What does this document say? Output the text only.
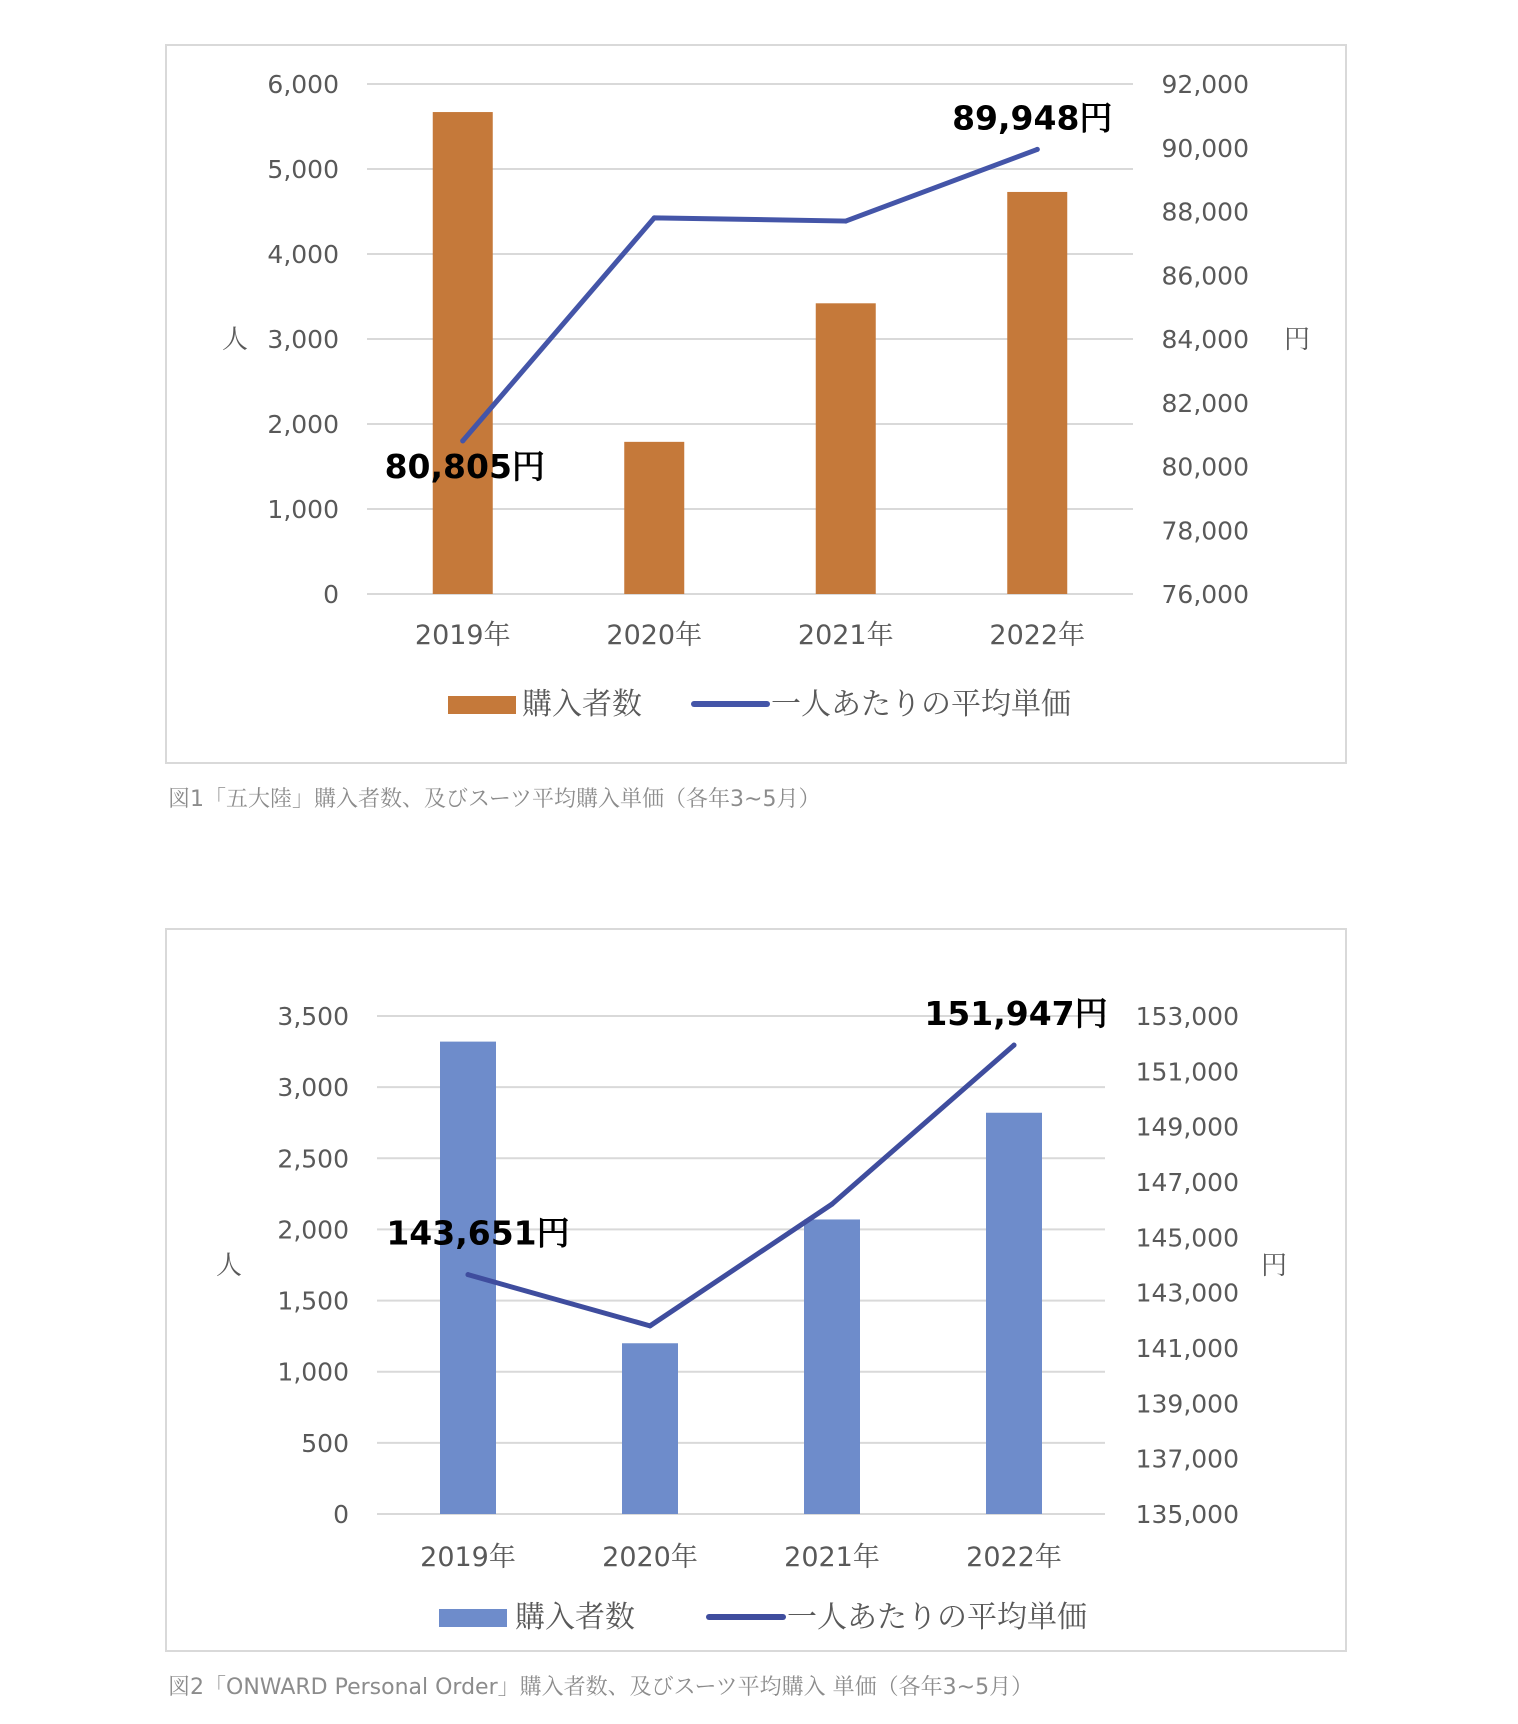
0
1,000
2,000
3,000
4,000
5,000
6,000
76,000
78,000
80,000
82,000
84,000
86,000
88,000
90,000
92,000
人	円
2019年	2020年	2021年	2022年
80,805円
89,948円
購入者数	一人あたりの平均単価
図1「五大陸」購入者数、及びスーツ平均購入単価（各年3~5月）
0
500
1,000
1,500
2,000
2,500
3,000
3,500
135,000
137,000
139,000
141,000
143,000
145,000
147,000
149,000
151,000
153,000
人	円
2019年	2020年	2021年	2022年
143,651円
151,947円
購入者数	一人あたりの平均単価
図2「ONWARD Personal Order」購入者数、及びスーツ平均購入 単価（各年3~5月）
